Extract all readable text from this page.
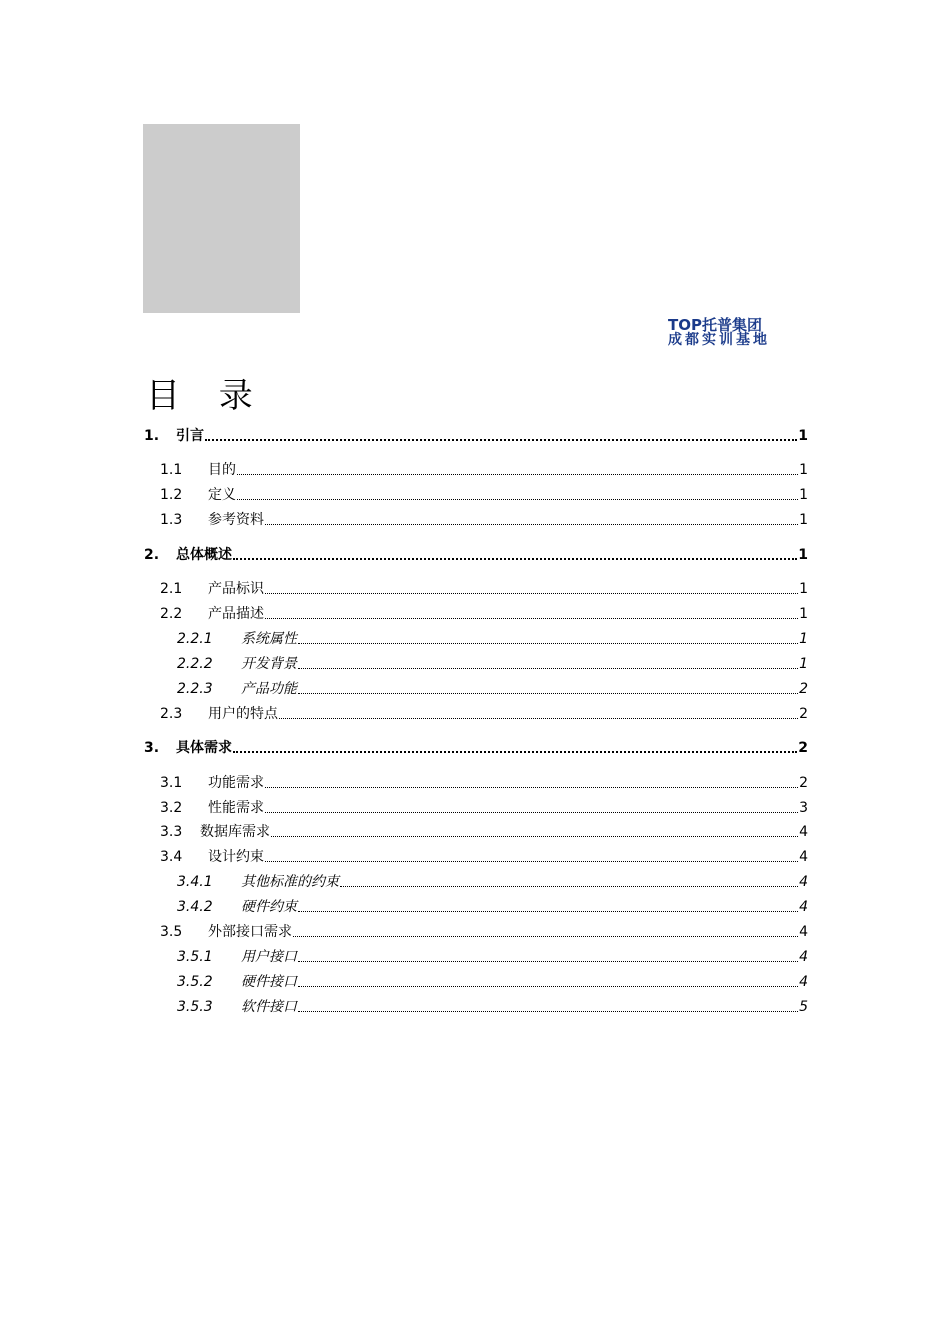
TOP托普集团
成都实训基地
目 录
1.	引言	1
1.1	目的	1
1.2	定义	1
1.3	参考资料	1
2.	总体概述	1
2.1	产品标识	1
2.2	产品描述	1
2.2.1	系统属性	1
2.2.2	开发背景	1
2.2.3	产品功能	2
2.3	用户的特点	2
3.	具体需求	2
3.1	功能需求	2
3.2	性能需求	3
3.3	数据库需求	4
3.4	设计约束	4
3.4.1	其他标准的约束	4
3.4.2	硬件约束	4
3.5	外部接口需求	4
3.5.1	用户接口	4
3.5.2	硬件接口	4
3.5.3	软件接口	5
